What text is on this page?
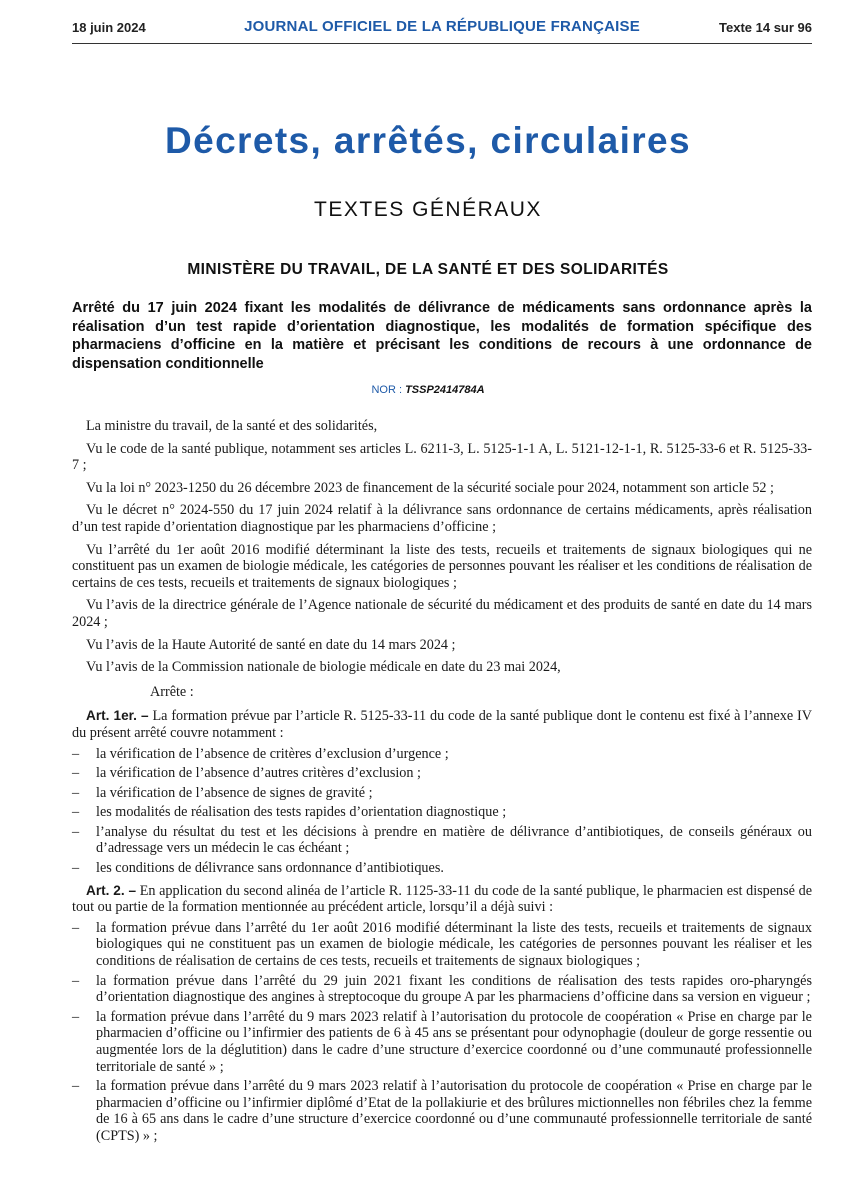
JOURNAL OFFICIEL DE LA RÉPUBLIQUE FRANÇAISE
18 juin 2024	Texte 14 sur 96
Décrets, arrêtés, circulaires
TEXTES GÉNÉRAUX
MINISTÈRE DU TRAVAIL, DE LA SANTÉ ET DES SOLIDARITÉS
Arrêté du 17 juin 2024 fixant les modalités de délivrance de médicaments sans ordonnance après la réalisation d’un test rapide d’orientation diagnostique, les modalités de formation spécifique des pharmaciens d’officine en la matière et précisant les conditions de recours à une ordonnance de dispensation conditionnelle
NOR : TSSP2414784A

La ministre du travail, de la santé et des solidarités,

Vu le code de la santé publique, notamment ses articles L. 6211-3, L. 5125-1-1 A, L. 5121-12-1-1, R. 5125-33-6 et R. 5125-33-7 ;

Vu la loi n° 2023-1250 du 26 décembre 2023 de financement de la sécurité sociale pour 2024, notamment son article 52 ;

Vu le décret n° 2024-550 du 17 juin 2024 relatif à la délivrance sans ordonnance de certains médicaments, après réalisation d’un test rapide d’orientation diagnostique par les pharmaciens d’officine ;

Vu l’arrêté du 1er août 2016 modifié déterminant la liste des tests, recueils et traitements de signaux biologiques qui ne constituent pas un examen de biologie médicale, les catégories de personnes pouvant les réaliser et les conditions de réalisation de certains de ces tests, recueils et traitements de signaux biologiques ;

Vu l’avis de la directrice générale de l’Agence nationale de sécurité du médicament et des produits de santé en date du 14 mars 2024 ;

Vu l’avis de la Haute Autorité de santé en date du 14 mars 2024 ;

Vu l’avis de la Commission nationale de biologie médicale en date du 23 mai 2024,

Arrête :

Art. 1er. – La formation prévue par l’article R. 5125-33-11 du code de la santé publique dont le contenu est fixé à l’annexe IV du présent arrêté couvre notamment :

– la vérification de l’absence de critères d’exclusion d’urgence ;
– la vérification de l’absence d’autres critères d’exclusion ;
– la vérification de l’absence de signes de gravité ;
– les modalités de réalisation des tests rapides d’orientation diagnostique ;
– l’analyse du résultat du test et les décisions à prendre en matière de délivrance d’antibiotiques, de conseils généraux ou d’adressage vers un médecin le cas échéant ;
– les conditions de délivrance sans ordonnance d’antibiotiques.

Art. 2. – En application du second alinéa de l’article R. 1125-33-11 du code de la santé publique, le pharmacien est dispensé de tout ou partie de la formation mentionnée au précédent article, lorsqu’il a déjà suivi :

– la formation prévue dans l’arrêté du 1er août 2016 modifié déterminant la liste des tests, recueils et traitements de signaux biologiques qui ne constituent pas un examen de biologie médicale, les catégories de personnes pouvant les réaliser et les conditions de réalisation de certains de ces tests, recueils et traitements de signaux biologiques ;
– la formation prévue dans l’arrêté du 29 juin 2021 fixant les conditions de réalisation des tests rapides oro-pharyngés d’orientation diagnostique des angines à streptocoque du groupe A par les pharmaciens d’officine dans sa version en vigueur ;
– la formation prévue dans l’arrêté du 9 mars 2023 relatif à l’autorisation du protocole de coopération « Prise en charge par le pharmacien d’officine ou l’infirmier des patients de 6 à 45 ans se présentant pour odynophagie (douleur de gorge ressentie ou augmentée lors de la déglutition) dans le cadre d’une structure d’exercice coordonné ou d’une communauté professionnelle territoriale de santé » ;
– la formation prévue dans l’arrêté du 9 mars 2023 relatif à l’autorisation du protocole de coopération « Prise en charge par le pharmacien d’officine ou l’infirmier diplômé d’Etat de la pollakiurie et des brûlures mictionnelles non fébriles chez la femme de 16 à 65 ans dans le cadre d’une structure d’exercice coordonné ou d’une communauté professionnelle territoriale de santé (CPTS) » ;
